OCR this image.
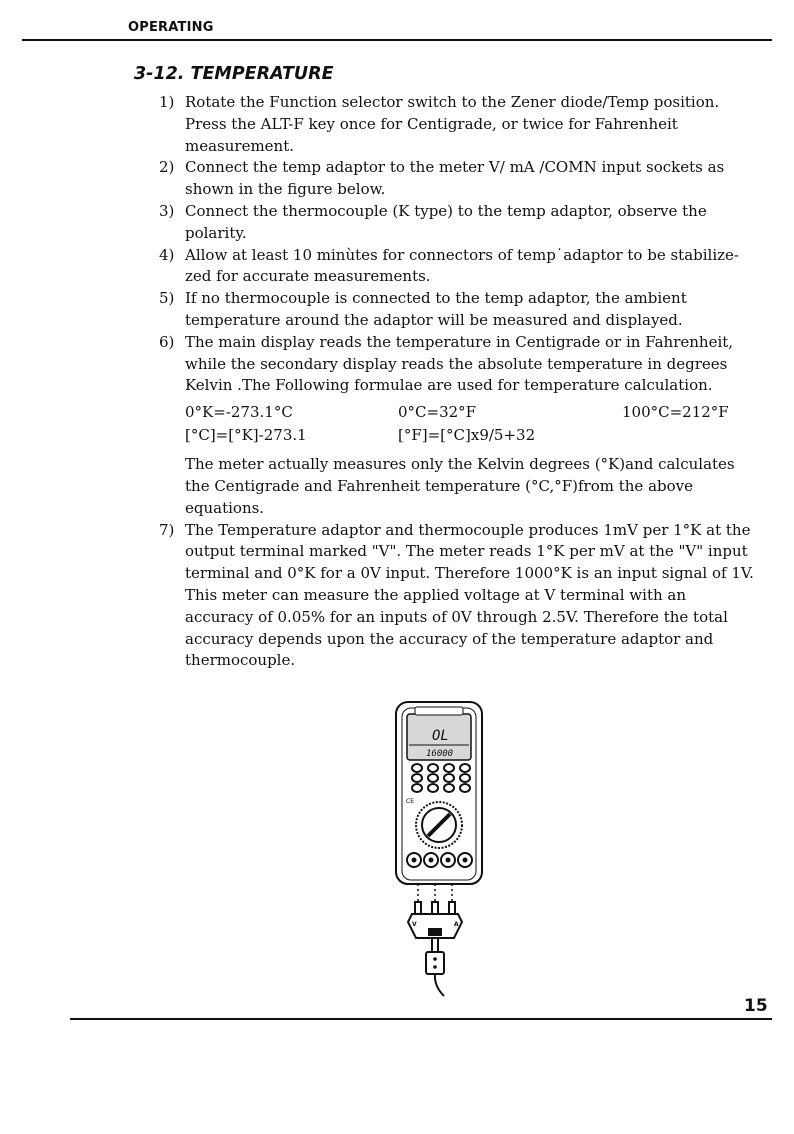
OPERATING
3-12. TEMPERATURE
1) Rotate the Function selector switch to the Zener diode/Temp position. Press the ALT-F key once for Centigrade, or twice for Fahrenheit measurement.
2) Connect the temp adaptor to the meter V/ mA /COMN input sockets as shown in the figure below.
3) Connect the thermocouple (K type) to the temp adaptor, observe the polarity.
4) Allow at least 10 minùtes for connectors of temp˙adaptor to be stabilize-zed for accurate measurements.
5) If no thermocouple is connected to the temp adaptor, the ambient temperature around the adaptor will be measured and displayed.
6) The main display reads the temperature in Centigrade or in Fahrenheit, while the secondary display reads the absolute temperature in degrees Kelvin .The Following formulae are used for temperature calculation.
0°K=-273.1°C	0°C=32°F	100°C=212°F
[°C]=[°K]-273.1	[°F]=[°C]x9/5+32
The meter actually measures only the Kelvin degrees (°K)and calculates the Centigrade and Fahrenheit temperature (°C,°F)from the above equations.
7) The Temperature adaptor and thermocouple produces 1mV per 1°K at the output terminal marked "V". The meter reads 1°K per mV at the "V" input terminal and 0°K for a 0V input. Therefore 1000°K is an input signal of 1V. This meter can measure the applied voltage at V terminal with an accuracy of 0.05% for an inputs of 0V through 2.5V. Therefore the total accuracy depends upon the accuracy of the temperature adaptor and thermocouple.
OL
16000
CE
V	A
15
